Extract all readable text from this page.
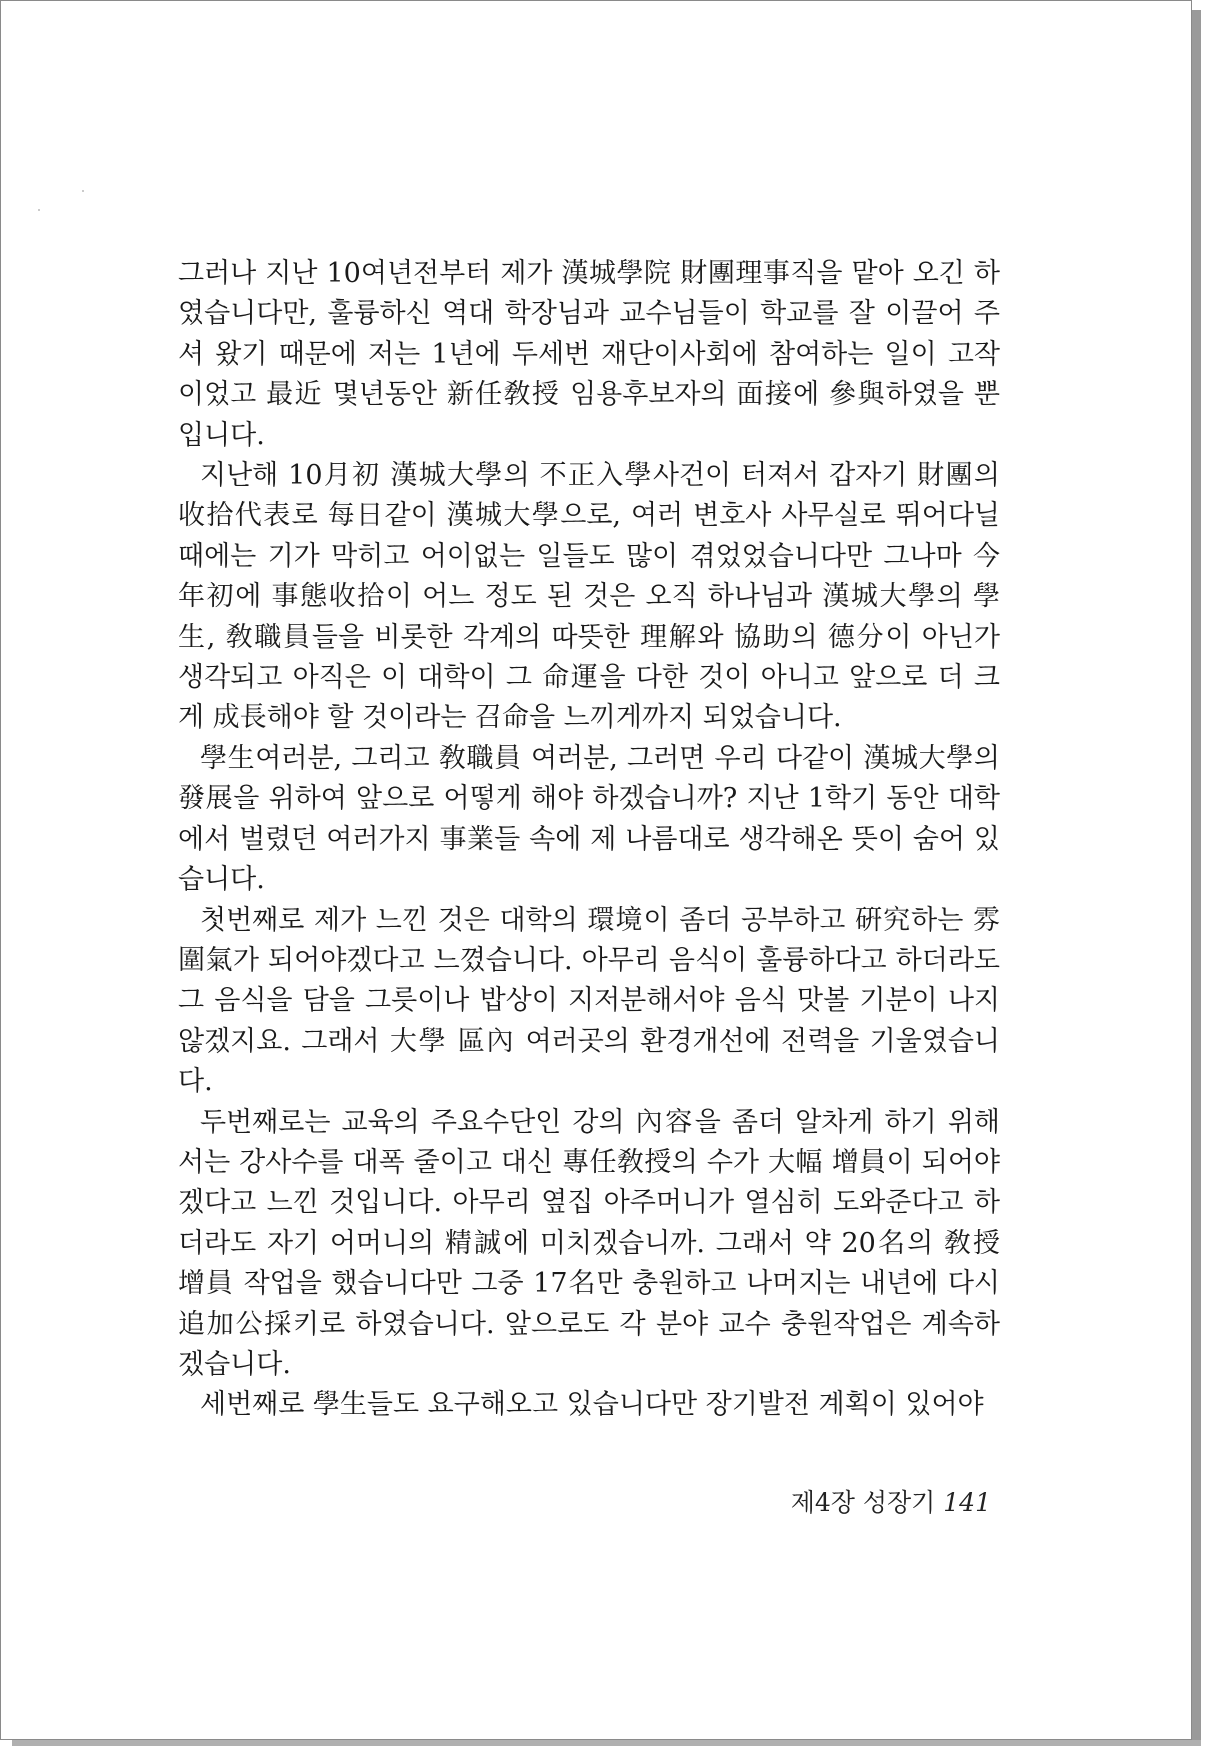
그러나 지난 10여년전부터 제가 漢城學院 財團理事직을 맡아 오긴 하였습니다만, 훌륭하신 역대 학장님과 교수님들이 학교를 잘 이끌어 주셔 왔기 때문에 저는 1년에 두세번 재단이사회에 참여하는 일이 고작이었고 最近 몇년동안 新任敎授 임용후보자의 面接에 參與하였을 뿐입니다.

지난해 10月初 漢城大學의 不正入學사건이 터져서 갑자기 財團의 收拾代表로 每日같이 漢城大學으로, 여러 변호사 사무실로 뛰어다닐 때에는 기가 막히고 어이없는 일들도 많이 겪었었습니다만 그나마 今年初에 事態收拾이 어느 정도 된 것은 오직 하나님과 漢城大學의 學生, 敎職員들을 비롯한 각계의 따뜻한 理解와 協助의 德分이 아닌가 생각되고 아직은 이 대학이 그 命運을 다한 것이 아니고 앞으로 더 크게 成長해야 할 것이라는 召命을 느끼게까지 되었습니다.

學生여러분, 그리고 敎職員 여러분, 그러면 우리 다같이 漢城大學의 發展을 위하여 앞으로 어떻게 해야 하겠습니까? 지난 1학기 동안 대학에서 벌렸던 여러가지 事業들 속에 제 나름대로 생각해온 뜻이 숨어 있습니다.

첫번째로 제가 느낀 것은 대학의 環境이 좀더 공부하고 硏究하는 雰圍氣가 되어야겠다고 느꼈습니다. 아무리 음식이 훌륭하다고 하더라도 그 음식을 담을 그릇이나 밥상이 지저분해서야 음식 맛볼 기분이 나지 않겠지요. 그래서 大學 區內 여러곳의 환경개선에 전력을 기울였습니다.

두번째로는 교육의 주요수단인 강의 內容을 좀더 알차게 하기 위해서는 강사수를 대폭 줄이고 대신 專任敎授의 수가 大幅 增員이 되어야겠다고 느낀 것입니다. 아무리 옆집 아주머니가 열심히 도와준다고 하더라도 자기 어머니의 精誠에 미치겠습니까. 그래서 약 20名의 敎授 增員 작업을 했습니다만 그중 17名만 충원하고 나머지는 내년에 다시 追加公採키로 하였습니다. 앞으로도 각 분야 교수 충원작업은 계속하겠습니다.

세번째로 學生들도 요구해오고 있습니다만 장기발전 계획이 있어야

제4장 성장기 141
